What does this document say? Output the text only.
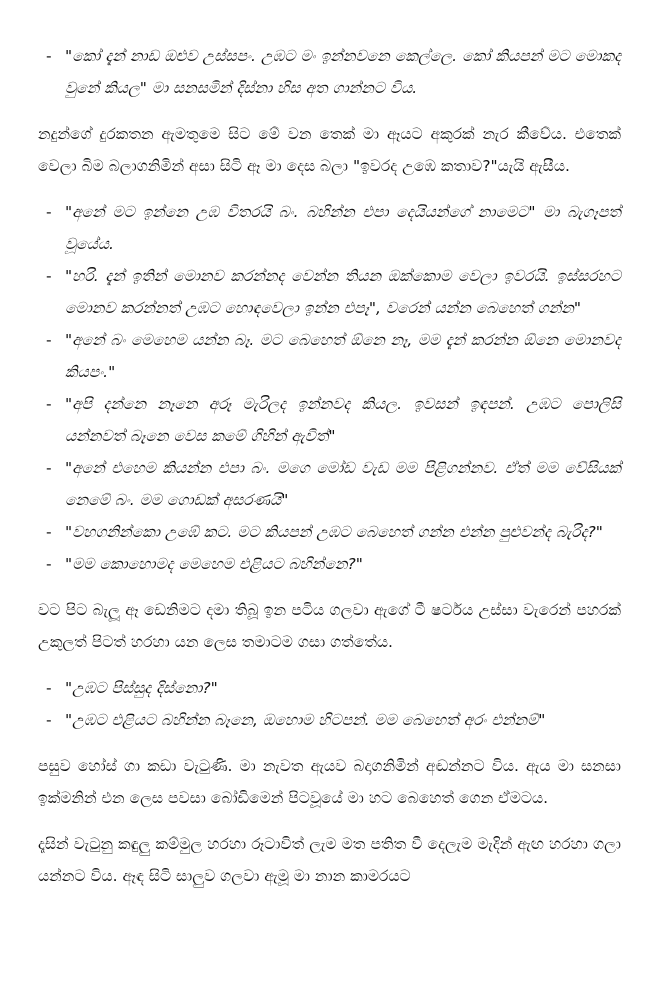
- "කෝ දැන් නාඩ ඔළුව උස්සපං. උඹට මං ඉන්නවනෙ කෙල්ලෙ. කෝ කියපන් මට මොකද වුනේ කියල" මා සනසමින් දිස්නා හිස අත ගාන්නට විය.

නදුන්ගේ දුරකතන ඇමතුමෙ සිට මේ වන තෙක් මා ඈයට අකුරක් නැර කීවේය. එතෙක් වෙලා බිම බලාගනිමින් අසා සිටි ඈ මා දෙස බලා "ඉවරද උඹෙ කතාව?"යැයි ඇසීය.

- "අනේ මට ඉන්නෙ උඹ විතරයි බං. බහින්න එපා දෙයියන්ගේ නාමෙට" මා බැගෑපත් වූයේය.
- "හරි. දැන් ඉතින් මොනව කරන්නද වෙන්න තියන ඔක්කොම වෙලා ඉවරයි. ඉස්සරහට මොනව කරන්නත් උඹට හොඳවෙලා ඉන්න එපෑ", වරෙන් යන්න බෙහෙත් ගන්න"
- "අනේ බං මෙහෙම යන්න බෑ. මට බෙහෙත් ඕනෙ නෑ, මම දැන් කරන්න ඕනෙ මොනවද කියපං."
- "අපි දන්නෙ නෑනෙ අරූ මැරිලද ඉන්නවද කියල. ඉවසන් ඉඳපන්. උඹට පොලිසි යන්නවත් බෑනෙ වෙස කමේ ගිහින් ඇවිත්"
- "අනේ එහෙම කියන්න එපා බං. මගෙ මෝඩ වැඩ මම පිළිගන්නව. ඒත් මම වේසියක් නෙමේ බං. මම ගොඩක් අසරණයි"
- "වහගනින්කො උඹේ කට. මට කියපන් උඹට බෙහෙත් ගන්න එන්න පුළුවන්ද බැරිද?"
- "මම කොහොමද මෙහෙම එළියට බහින්නෙ?"

වට පිට බැලූ ඈ ඩෙනිමට දමා තිබූ ඉන පටිය ගලවා ඇගේ ටී ෂර්ටය උස්සා වැරෙන් පහරක් උකුලත් පිටත් හරහා යන ලෙස තමාටම ගසා ගත්තේය.

- "උඹට පිස්සුද දිස්නො?"
- "උඹට එළියට බහින්න බෑනෙ, ඔහොම හිටපන්. මම බෙහෙත් අරං එන්නම්"

පසුව හෝස් ගා කඩා වැටුණි. මා නැවත ඇයව බදාගනිමින් අඬන්නට විය. ඇය මා සනසා ඉක්මනින් එන ලෙස පවසා බෝඩිමෙන් පිටවූයේ මා හට බෙහෙත් ගෙන ඒමටය.

දෑසින් වැටුනු කඳුලු කම්මුල හරහා රූටාවිත් ලැම මත පතිත වී දෙලැම මැදින් ඇඟ හරහා ගලා යන්නට විය. ඈඳ සිටි සාලුව ගලවා ඇමූ මා නාන කාමරයට
